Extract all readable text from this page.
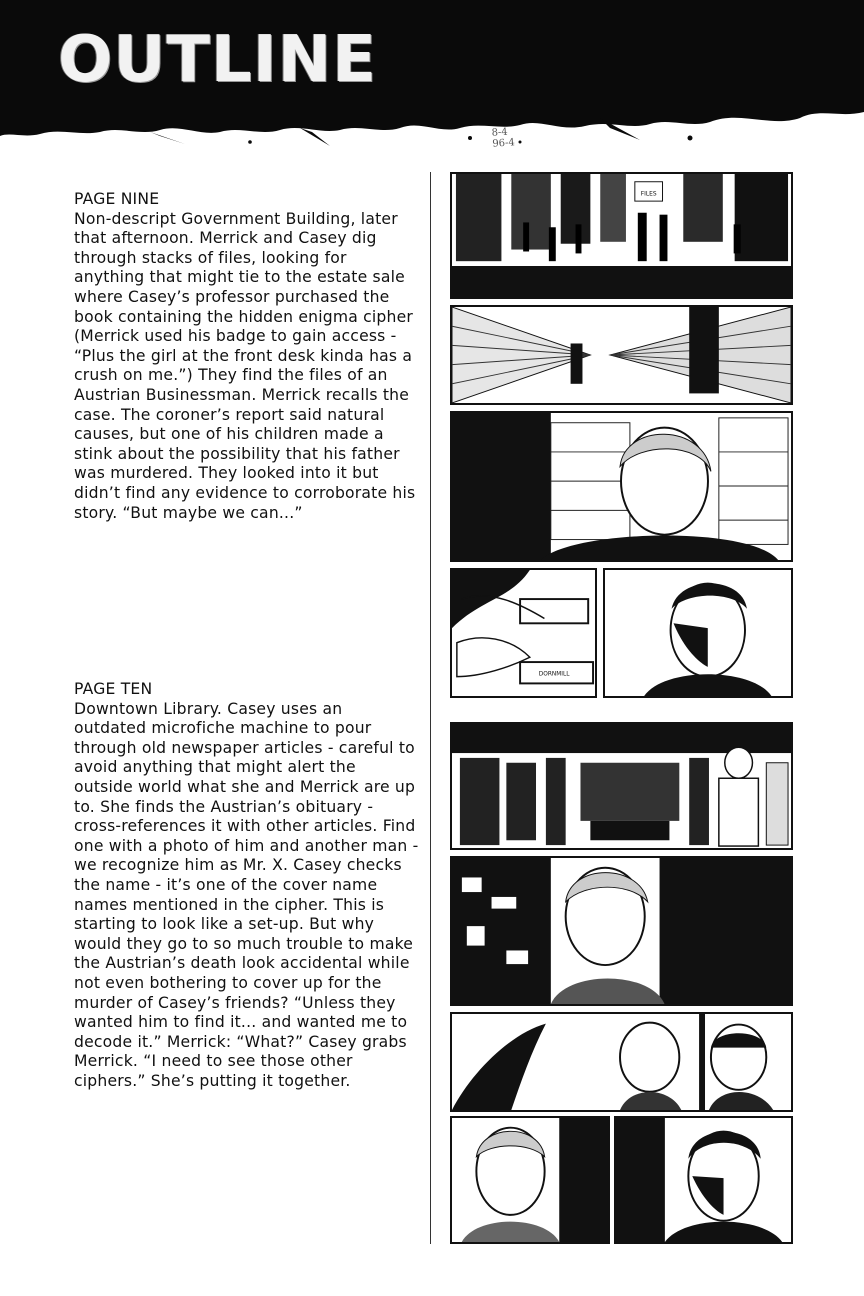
OUTLINE
8-4
96-4
PAGE NINE
Non-descript Government Building, later that afternoon. Merrick and Casey dig through stacks of files, looking for anything that might tie to the estate sale where Casey’s professor purchased the book containing the hidden enigma cipher (Merrick used his badge to gain access - “Plus the girl at the front desk kinda has a crush on me.”) They find the files of an Austrian Businessman. Merrick recalls the case. The coroner’s report said natural causes, but one of his children made a stink about the possibility that his father was murdered. They looked into it but didn’t find any evidence to corroborate his story. “But maybe we can...”
PAGE TEN
Downtown Library. Casey uses an outdated microfiche machine to pour through old newspaper articles - careful to avoid anything that might alert the outside world what she and Merrick are up to. She finds the Austrian’s obituary - cross-references it with other articles. Find one with a photo of him and another man - we recognize him as Mr. X. Casey checks the name - it’s one of the cover name names mentioned in the cipher. This is starting to look like a set-up. But why would they go to so much trouble to make the Austrian’s death look accidental while not even bothering to cover up for the murder of Casey’s friends? “Unless they wanted him to find it... and wanted me to decode it.” Merrick: “What?” Casey grabs Merrick. “I need to see those other ciphers.” She’s putting it together.
FILES
DORNMILL
